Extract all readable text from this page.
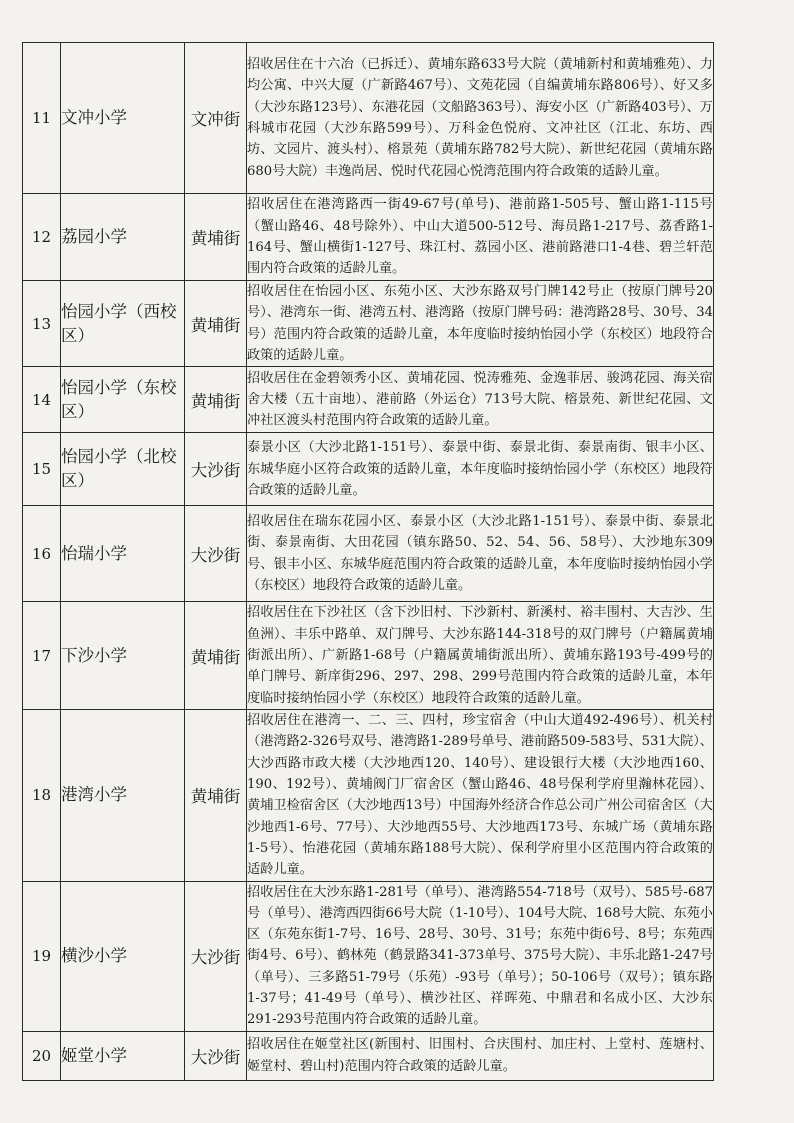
11	文冲小学	文冲街	招收居住在十六冶（已拆迁）、黄埔东路633号大院（黄埔新村和黄埔雅苑）、力均公寓、中兴大厦（广新路467号）、文苑花园（自编黄埔东路806号）、好又多（大沙东路123号）、东港花园（文船路363号）、海安小区（广新路403号）、万科城市花园（大沙东路599号）、万科金色悦府、文冲社区（江北、东坊、西坊、文园片、渡头村）、榕景苑（黄埔东路782号大院）、新世纪花园（黄埔东路680号大院）丰逸尚居、悦时代花园心悦湾范围内符合政策的适龄儿童。
12	荔园小学	黄埔街	招收居住在港湾路西一街49-67号(单号)、港前路1-505号、蟹山路1-115号 （蟹山路46、48号除外）、中山大道500-512号、海员路1-217号、荔香路1-164号、蟹山横街1-127号、珠江村、荔园小区、港前路港口1-4巷、碧兰轩范围内符合政策的适龄儿童。
13	怡园小学（西校区）	黄埔街	招收居住在怡园小区、东苑小区、大沙东路双号门牌142号止（按原门牌号20号）、港湾东一街、港湾五村、港湾路（按原门牌号码：港湾路28号、30号、34号）范围内符合政策的适龄儿童，本年度临时接纳怡园小学（东校区）地段符合政策的适龄儿童。
14	怡园小学（东校区）	黄埔街	招收居住在金碧领秀小区、黄埔花园、悦涛雅苑、金逸菲居、骏鸿花园、海关宿舍大楼（五十亩地）、港前路（外运仓）713号大院、榕景苑、新世纪花园、文冲社区渡头村范围内符合政策的适龄儿童。
15	怡园小学（北校区）	大沙街	泰景小区（大沙北路1-151号）、泰景中街、泰景北街、泰景南街、银丰小区、东城华庭小区符合政策的适龄儿童，本年度临时接纳怡园小学（东校区）地段符合政策的适龄儿童。
16	怡瑞小学	大沙街	招收居住在瑞东花园小区、泰景小区（大沙北路1-151号）、泰景中街、泰景北街、泰景南街、大田花园（镇东路50、52、54、56、58号）、大沙地东309号、银丰小区、东城华庭范围内符合政策的适龄儿童，本年度临时接纳怡园小学（东校区）地段符合政策的适龄儿童。
17	下沙小学	黄埔街	招收居住在下沙社区（含下沙旧村、下沙新村、新溪村、裕丰围村、大吉沙、生鱼洲）、丰乐中路单、双门牌号、大沙东路144-318号的双门牌号（户籍属黄埔街派出所）、广新路1-68号（户籍属黄埔街派出所）、黄埔东路193号-499号的单门牌号、新庠街296、297、298、299号范围内符合政策的适龄儿童，本年度临时接纳怡园小学（东校区）地段符合政策的适龄儿童。
18	港湾小学	黄埔街	招收居住在港湾一、二、三、四村，珍宝宿舍（中山大道492-496号）、机关村（港湾路2-326号双号、港湾路1-289号单号、港前路509-583号、531大院）、大沙西路市政大楼（大沙地西120、140号）、建设银行大楼（大沙地西160、190、192号）、黄埔阀门厂宿舍区（蟹山路46、48号保利学府里瀚林花园）、黄埔卫检宿舍区（大沙地西13号）中国海外经济合作总公司广州公司宿舍区（大沙地西1-6号、77号）、大沙地西55号、大沙地西173号、东城广场（黄埔东路1-5号）、怡港花园（黄埔东路188号大院）、保利学府里小区范围内符合政策的适龄儿童。
19	横沙小学	大沙街	招收居住在大沙东路1-281号（单号）、港湾路554-718号（双号）、585号-687号（单号）、港湾西四街66号大院（1-10号）、104号大院、168号大院、东苑小区（东苑东街1-7号、16号、28号、30号、31号；东苑中街6号、8号；东苑西街4号、6号）、鹤林苑（鹤景路341-373单号、375号大院）、丰乐北路1-247号（单号）、三多路51-79号（乐苑）-93号（单号）；50-106号（双号）；镇东路1-37号；41-49号（单号）、横沙社区、祥晖苑、中鼎君和名成小区、大沙东291-293号范围内符合政策的适龄儿童。
20	姬堂小学	大沙街	招收居住在姬堂社区(新围村、旧围村、合庆围村、加庄村、上堂村、莲塘村、姬堂村、碧山村)范围内符合政策的适龄儿童。
